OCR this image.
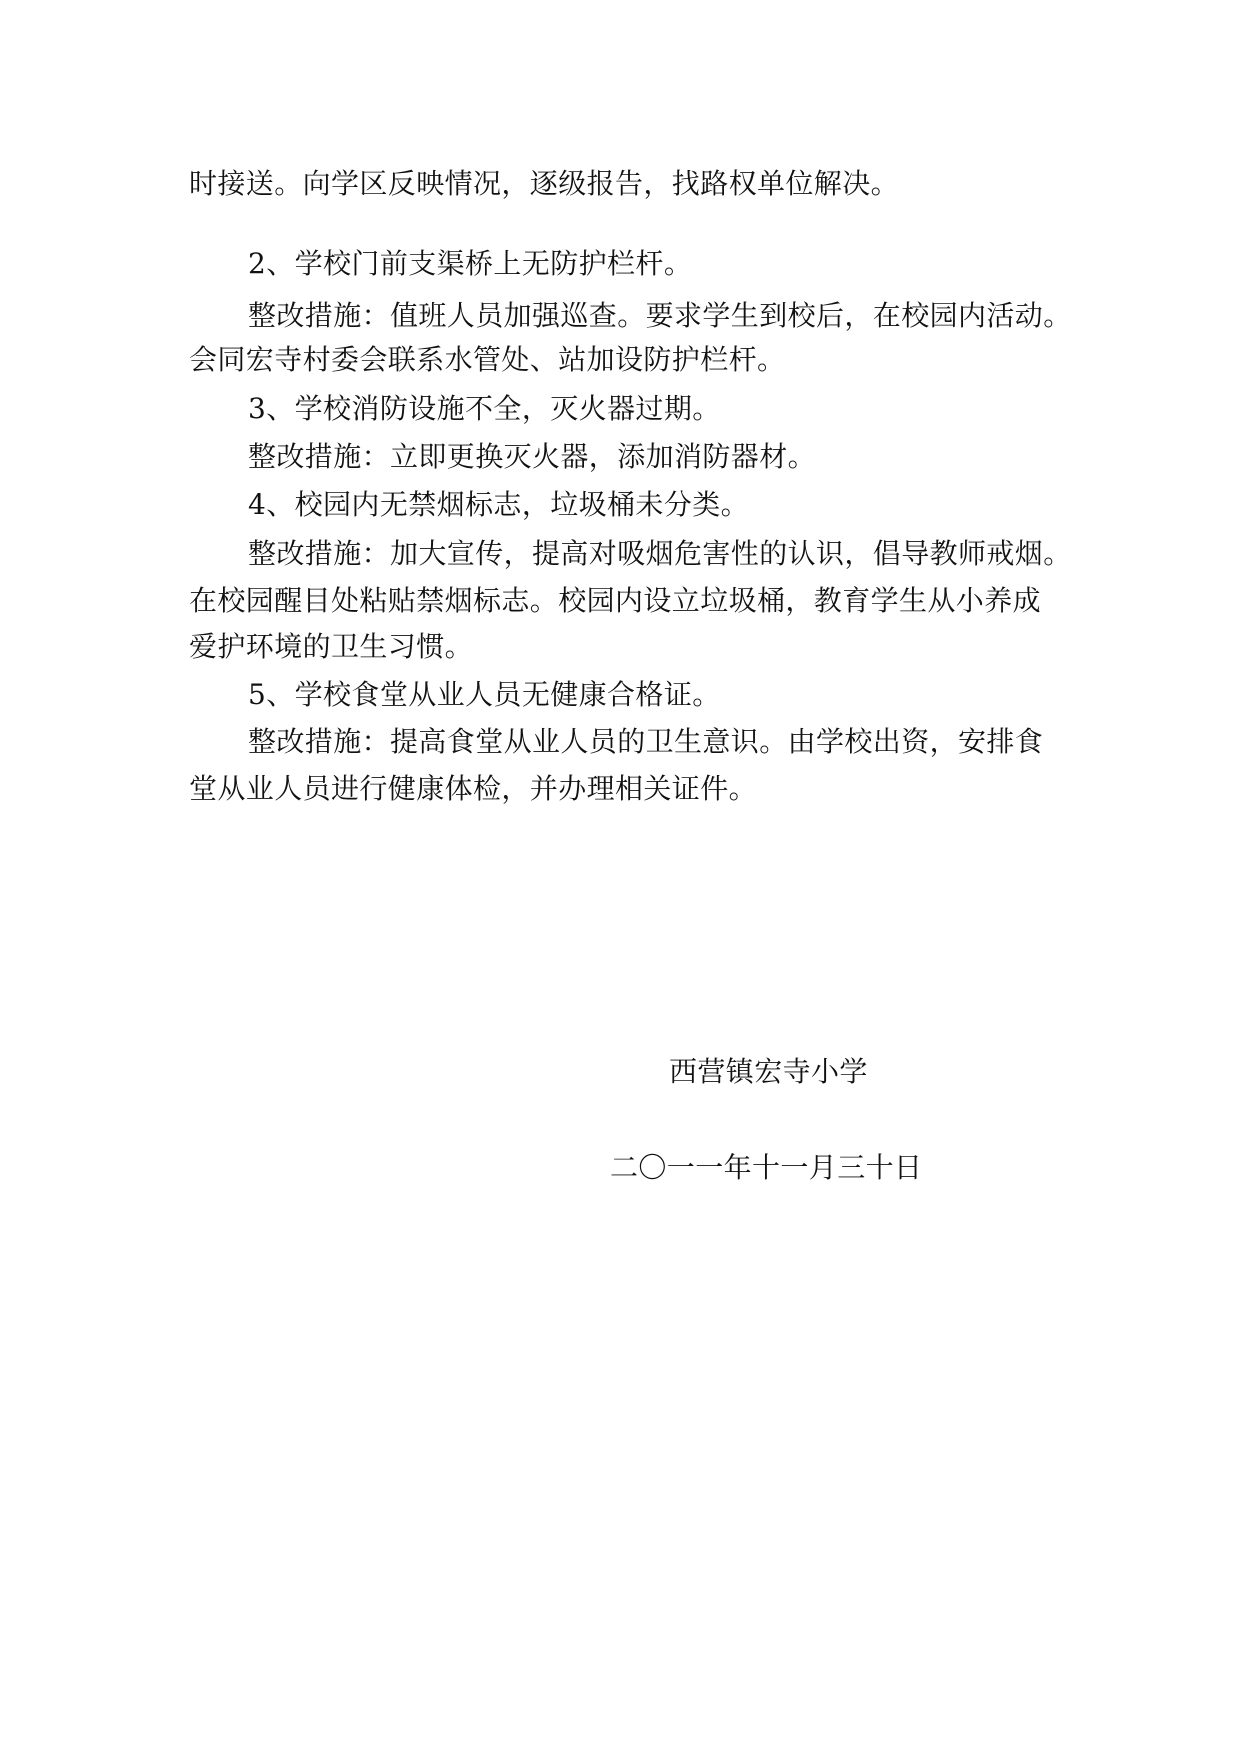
时接送。向学区反映情况，逐级报告，找路权单位解决。
2、学校门前支渠桥上无防护栏杆。
整改措施：值班人员加强巡查。要求学生到校后，在校园内活动。
会同宏寺村委会联系水管处、站加设防护栏杆。
3、学校消防设施不全，灭火器过期。
整改措施：立即更换灭火器，添加消防器材。
4、校园内无禁烟标志，垃圾桶未分类。
整改措施：加大宣传，提高对吸烟危害性的认识，倡导教师戒烟。
在校园醒目处粘贴禁烟标志。校园内设立垃圾桶，教育学生从小养成
爱护环境的卫生习惯。
5、学校食堂从业人员无健康合格证。
整改措施：提高食堂从业人员的卫生意识。由学校出资，安排食
堂从业人员进行健康体检，并办理相关证件。
西营镇宏寺小学
二〇一一年十一月三十日
